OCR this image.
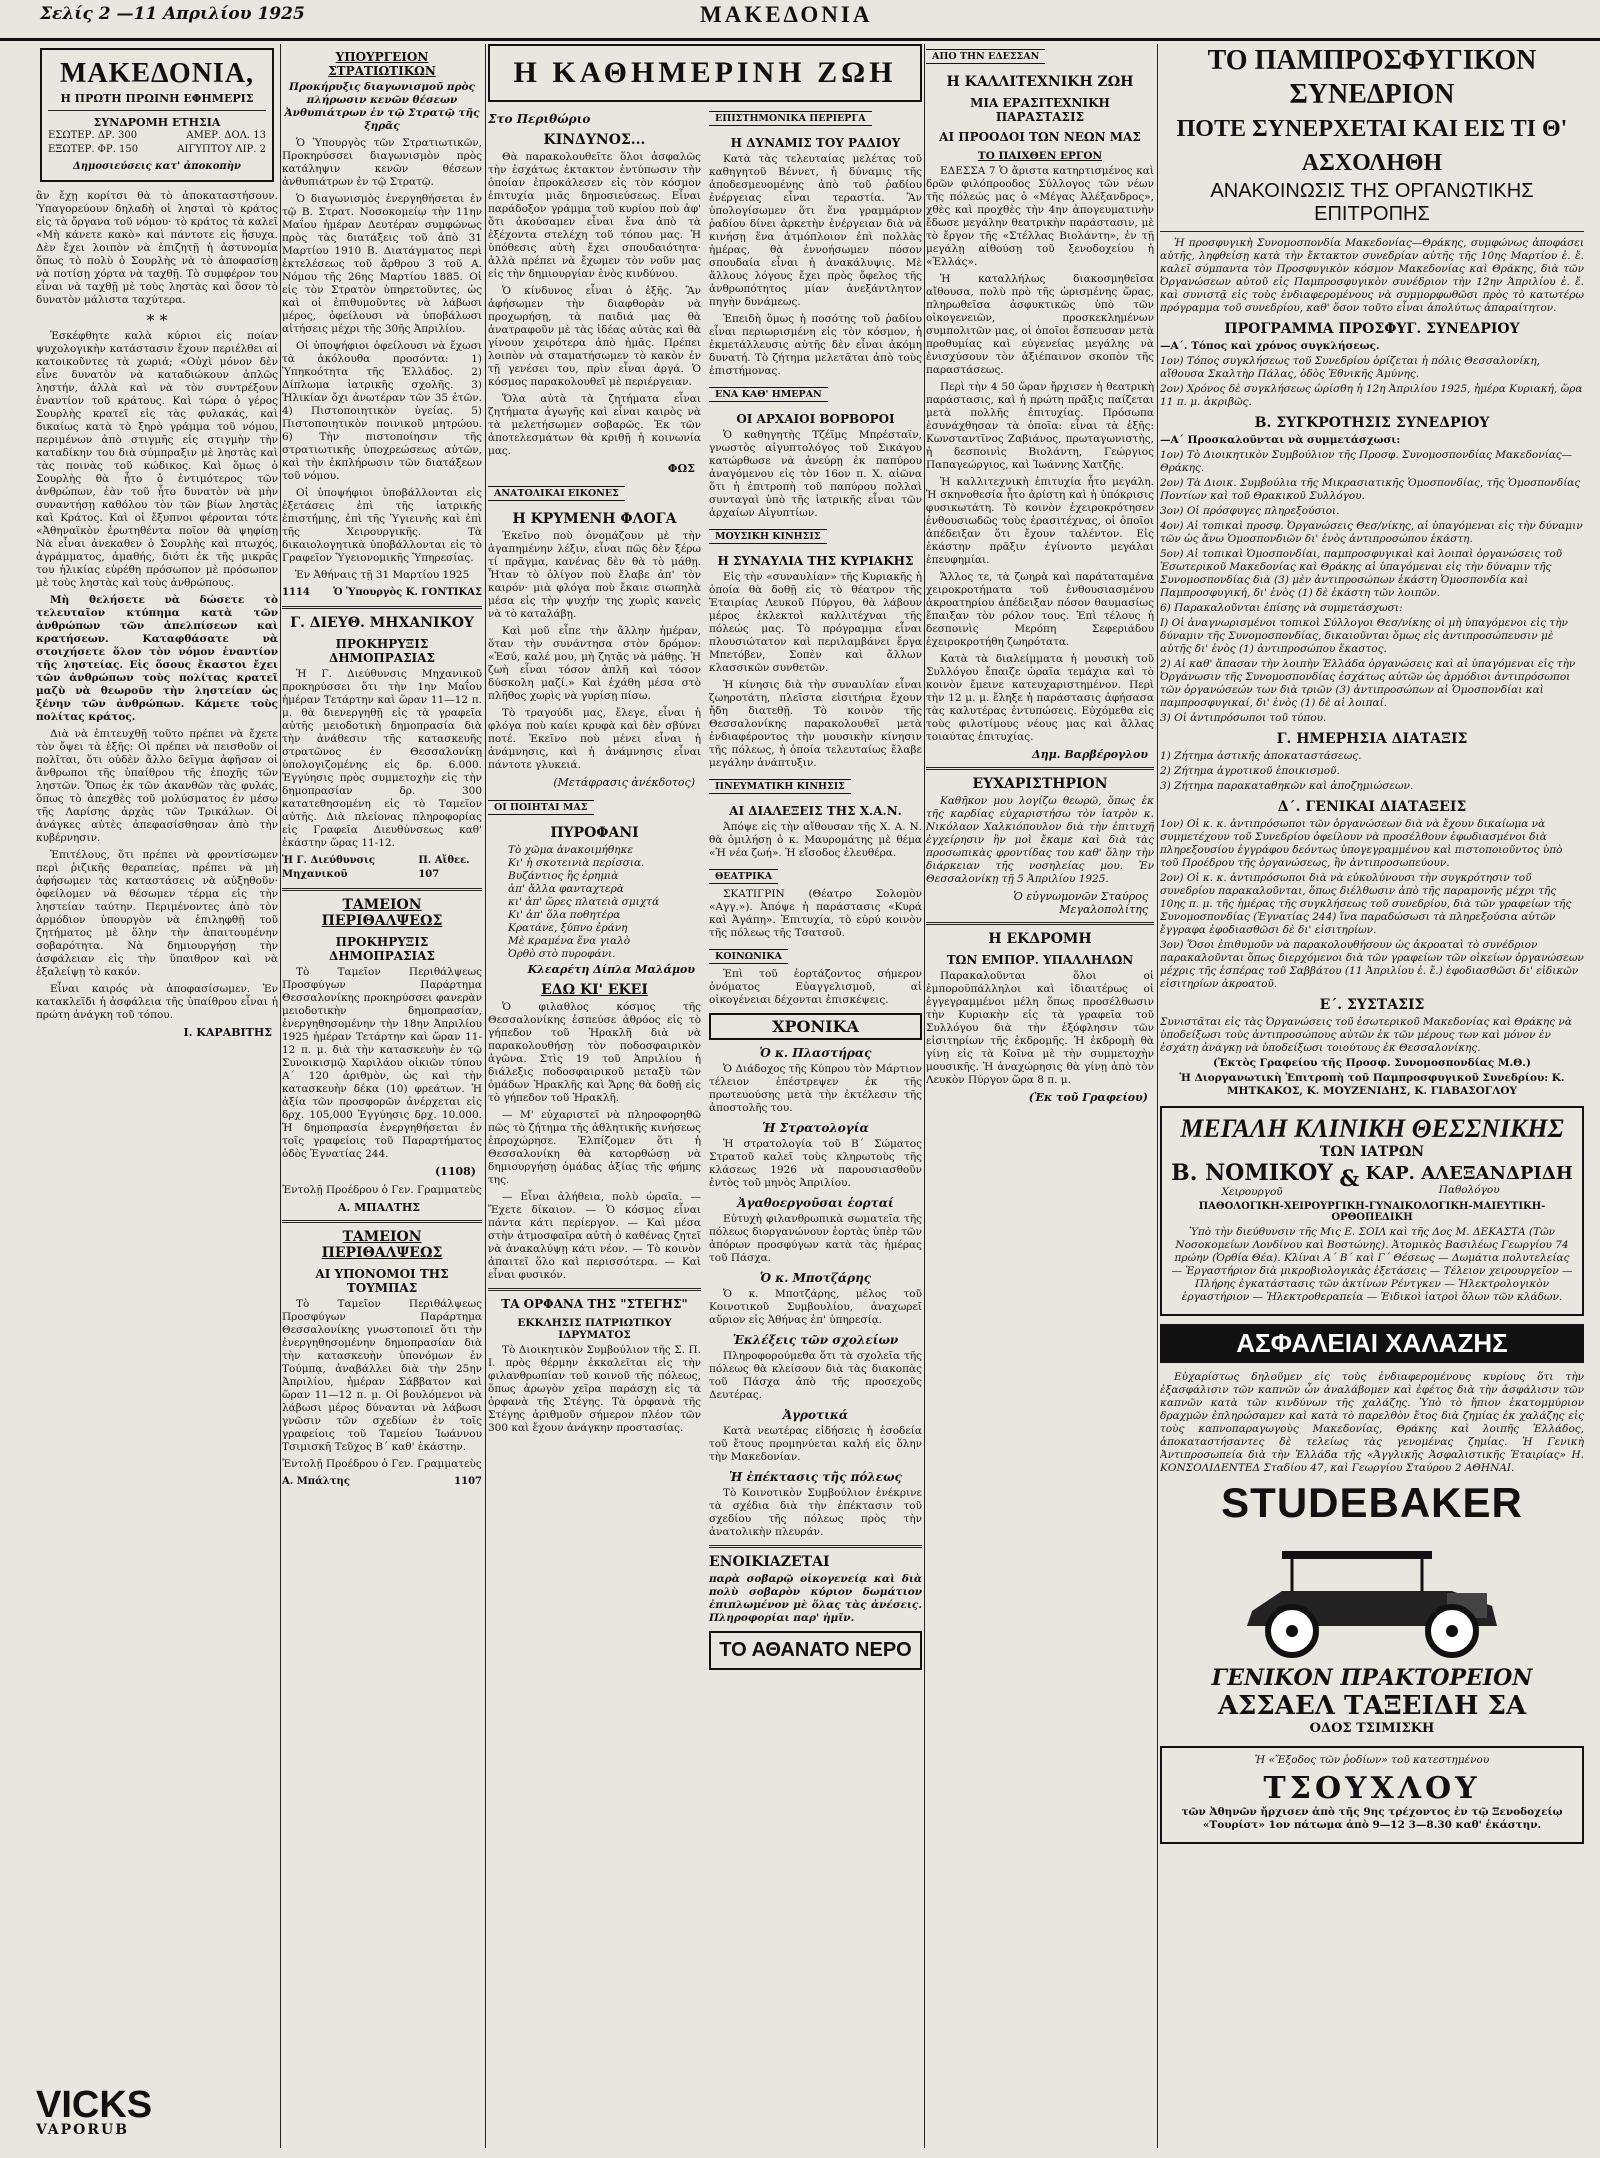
Σελίς 2 —11 Απριλίου 1925	ΜΑΚΕΔΟΝΙΑ
ΜΑΚΕΔΟΝΙΑ,
Η ΠΡΩΤΗ ΠΡΩΙΝΗ ΕΦΗΜΕΡΙΣ
ΣΥΝΔΡΟΜΗ ΕΤΗΣΙΑ
ΕΣΩΤΕΡ. ΔΡ. 300	ΑΜΕΡ. ΔΟΛ. 13
ΕΞΩΤΕΡ. ΦΡ. 150	ΑΙΓΥΠΤΟΥ ΛΙΡ. 2
Δημοσιεύσεις κατ' ἀποκοπὴν

ἂν ἔχῃ κορίτσι θὰ τὸ ἀποκαταστήσουν. Ὑπαγορεύουν δηλαδὴ οἱ λησταὶ τὸ κράτος εἰς τὰ ὄργανα τοῦ νόμου· τὸ κράτος τὰ καλεῖ «Μὴ κάνετε κακὸ» καὶ πάντοτε εἰς ἥσυχα. Δὲν ἔχει λοιπὸν νὰ ἐπιζητῇ ἡ ἀστυνομία ὅπως τὸ πολὺ ὁ Σουρλὴς νὰ τὸ ἀποφασίσῃ νὰ ποτίσῃ χόρτα νὰ ταχθῇ. Τὸ συμφέρον του εἶναι νὰ ταχθῇ μὲ τοὺς ληστὰς καὶ ὅσον τὸ δυνατὸν μάλιστα ταχύτερα.

* *

Ἐσκέφθητε καλὰ κύριοι εἰς ποίαν ψυχολογικὴν κατάστασιν ἔχουν περιέλθει αἱ κατοικοῦντες τὰ χωριά; «Οὐχὶ μόνον δὲν εἶνε δυνατὸν νὰ καταδιώκουν ἁπλῶς ληστήν, ἀλλὰ καὶ νὰ τὸν συντρέξουν ἐναντίον τοῦ κράτους. Καὶ τώρα ὁ γέρος Σουρλὴς κρατεῖ εἰς τὰς φυλακάς, καὶ δικαίως κατὰ τὸ ξηρὸ γράμμα τοῦ νόμου, περιμένων ἀπὸ στιγμῆς εἰς στιγμὴν τὴν καταδίκην του διὰ σύμπραξιν μὲ ληστὰς καὶ τὰς ποινὰς τοῦ κώδικος. Καὶ ὅμως ὁ Σουρλὴς θὰ ἦτο ὁ ἐντιμότερος τῶν ἀνθρώπων, ἐὰν τοῦ ἦτο δυνατὸν νὰ μὴν συναντήσῃ καθόλου τὸν τῶν βίων ληστὰς καὶ Κράτος. Καὶ οἱ ἔξυπνοι φέρονται τότε «Ἀθηναϊκὸν ἐρωτηθέντα ποῖον θὰ ψηφίσῃ Νὰ εἶναι ἀνεκαθεν ὁ Σουρλὴς καὶ πτωχός, ἀγράμματος, ἀμαθής, διότι ἐκ τῆς μικρᾶς του ἡλικίας εὑρέθη πρόσωπον μὲ πρόσωπον μὲ τοὺς ληστὰς καὶ τοὺς ἀνθρώπους.

Μὴ θελήσετε νὰ δώσετε τὸ τελευταῖον κτύπημα κατὰ τῶν ἀνθρώπων τῶν ἀπελπίσεων καὶ κρατήσεων. Καταφθάσατε νὰ στοιχήσετε ὅλον τὸν νόμον ἐναντίον τῆς ληστείας. Εἰς ὅσους ἔκαστοι ἔχει τῶν ἀνθρώπων τοὺς πολίτας κρατεῖ μαζὺ νὰ θεωροῦν τὴν ληστείαν ὡς ξένην τῶν ἀνθρώπων. Κάμετε τοὺς πολίτας κράτος.

Διὰ νὰ ἐπιτευχθῇ τοῦτο πρέπει νὰ ἔχετε τὸν ὄψει τὰ ἑξῆς: Οἱ πρέπει νὰ πεισθοῦν οἱ πολῖται, ὅτι οὐδὲν ἄλλο δεῖγμα ἀφῆσαν οἱ ἄνθρωποι τῆς ὑπαίθρου τῆς ἐποχῆς τῶν ληστῶν. Ὅπως ἐκ τῶν ἀκανθῶν τὰς φυλάς, ὅπως τὸ ἀπεχθὲς τοῦ μολύσματος ἐν μέσῳ τῆς Λαρίσης ἀρχὰς τῶν Τρικάλων. Οἱ ἀνάγκες αὐτὲς ἀπεφασίσθησαν ἀπὸ τὴν κυβέρνησιν.

Ἐπιτέλους, ὅτι πρέπει νὰ φροντίσωμεν περὶ ῥιζικῆς θεραπείας, πρέπει νὰ μὴ ἀφήσωμεν τὰς καταστάσεις νὰ αὐξηθοῦν· ὀφείλομεν νὰ θέσωμεν τέρμα εἰς τὴν ληστείαν ταύτην. Περιμένοντες ἀπὸ τὸν ἀρμόδιον ὑπουργὸν νὰ ἐπιληφθῇ τοῦ ζητήματος μὲ ὅλην τὴν ἀπαιτουμένην σοβαρότητα. Νὰ δημιουργήσῃ τὴν ἀσφάλειαν εἰς τὴν ὕπαιθρον καὶ νὰ ἐξαλείψῃ τὸ κακόν.

Εἶναι καιρός νὰ ἀποφασίσωμεν. Ἐν κατακλεῖδι ἡ ἀσφάλεια τῆς ὑπαίθρου εἶναι ἡ πρώτη ἀνάγκη τοῦ τόπου.

Ι. ΚΑΡΑΒΙΤΗΣ
VICKS
VAPORUB
ΥΠΟΥΡΓΕΙΟΝ ΣΤΡΑΤΙΩΤΙΚΩΝ
Προκήρυξις διαγωνισμοῦ πρὸς πλήρωσιν κενῶν θέσεων Ἀνθυπιάτρων ἐν τῷ Στρατῷ τῆς ξηρᾶς

Ὁ Ὑπουργὸς τῶν Στρατιωτικῶν, Προκηρύσσει διαγωνισμὸν πρὸς κατάληψιν κενῶν θέσεων ἀνθυπιάτρων ἐν τῷ Στρατῷ.

Ὁ διαγωνισμὸς ἐνεργηθήσεται ἐν τῷ Β. Στρατ. Νοσοκομείῳ τὴν 11ην Μαΐου ἡμέραν Δευτέραν συμφώνως πρὸς τὰς διατάξεις τοῦ ἀπὸ 31 Μαρτίου 1910 Β. Διατάγματος περὶ ἐκτελέσεως τοῦ ἄρθρου 3 τοῦ Α. Νόμου τῆς 26ης Μαρτίου 1885. Οἱ εἰς τὸν Στρατὸν ὑπηρετοῦντες, ὡς καὶ οἱ ἐπιθυμοῦντες νὰ λάβωσι μέρος, ὀφείλουσι νὰ ὑποβάλωσι αἰτήσεις μέχρι τῆς 30ῆς Ἀπριλίου.

Οἱ ὑποψήφιοι ὀφείλουσι νὰ ἔχωσι τὰ ἀκόλουθα προσόντα: 1) Ὑπηκοότητα τῆς Ἑλλάδος. 2) Δίπλωμα ἰατρικῆς σχολῆς. 3) Ἡλικίαν ὄχι ἀνωτέραν τῶν 35 ἐτῶν. 4) Πιστοποιητικὸν ὑγείας. 5) Πιστοποιητικὸν ποινικοῦ μητρώου. 6) Τὴν πιστοποίησιν τῆς στρατιωτικῆς ὑποχρεώσεως αὐτῶν, καὶ τὴν ἐκπλήρωσιν τῶν διατάξεων τοῦ νόμου.

Οἱ ὑποψήφιοι ὑποβάλλονται εἰς ἐξετάσεις ἐπὶ τῆς ἰατρικῆς ἐπιστήμης, ἐπὶ τῆς Ὑγιεινῆς καὶ ἐπὶ τῆς Χειρουργικῆς. Τὰ δικαιολογητικὰ ὑποβάλλονται εἰς τὸ Γραφεῖον Ὑγειονομικῆς Ὑπηρεσίας.

Ἐν Ἀθήναις τῇ 31 Μαρτίου 1925

1114 Ὁ Ὑπουργὸς Κ. ΓΟΝΤΙΚΑΣ
Γ. ΔΙΕΥΘ. ΜΗΧΑΝΙΚΟΥ
ΠΡΟΚΗΡΥΞΙΣ ΔΗΜΟΠΡΑΣΙΑΣ

Ἡ Γ. Διεύθυνσις Μηχανικοῦ προκηρύσσει ὅτι τὴν 1ην Μαΐου ἡμέραν Τετάρτην καὶ ὥραν 11—12 π. μ. θὰ διενεργηθῇ εἰς τὰ γραφεῖα αὐτῆς μειοδοτικὴ δημοπρασία διὰ τὴν ἀνάθεσιν τῆς κατασκευῆς στρατῶνος ἐν Θεσσαλονίκῃ ὑπολογιζομένης εἰς δρ. 6.000. Ἐγγύησις πρὸς συμμετοχὴν εἰς τὴν δημοπρασίαν δρ. 300 κατατεθησομένη εἰς τὸ Ταμεῖον αὐτῆς. Διὰ πλείονας πληροφορίας εἰς Γραφεῖα Διευθύνσεως καθ' ἑκάστην ὥρας 11-12.

Ἡ Γ. Διεύθυνσις Μηχανικοῦ
Π. Αἴθεε. 107
ΤΑΜΕΙΟΝ ΠΕΡΙΘΑΛΨΕΩΣ
ΠΡΟΚΗΡΥΞΙΣ ΔΗΜΟΠΡΑΣΙΑΣ

Τὸ Ταμεῖον Περιθάλψεως Προσφύγων Παράρτημα Θεσσαλονίκης προκηρύσσει φανερὰν μειοδοτικὴν δημοπρασίαν, ἐνεργηθησομένην τὴν 18ην Ἀπριλίου 1925 ἡμέραν Τετάρτην καὶ ὥραν 11-12 π. μ. διὰ τὴν κατασκευὴν ἐν τῷ Συνοικισμῷ Χαριλάου οἰκιῶν τύπου Α΄ 120 ἀριθμὸν, ὡς καὶ τὴν κατασκευὴν δέκα (10) φρεάτων. Ἡ ἀξία τῶν προσφορῶν ἀνέρχεται εἰς δρχ. 105,000 Ἐγγύησις δρχ. 10.000. Ἡ δημοπρασία ἐνεργηθήσεται ἐν τοῖς γραφείοις τοῦ Παραρτήματος ὁδὸς Ἐγνατίας 244.

(1108)

Ἐντολῇ Προέδρου ὁ Γεν. Γραμματεὺς

Α. ΜΠΑΛΤΗΣ
ΤΑΜΕΙΟΝ ΠΕΡΙΘΑΛΨΕΩΣ
ΑΙ ΥΠΟΝΟΜΟΙ ΤΗΣ ΤΟΥΜΠΑΣ

Τὸ Ταμεῖον Περιθάλψεως Προσφύγων Παράρτημα Θεσσαλονίκης γνωστοποιεῖ ὅτι τὴν ἐνεργηθησομένην δημοπρασίαν διὰ τὴν κατασκευὴν ὑπονόμων ἐν Τούμπᾳ, ἀναβάλλει διὰ τὴν 25ην Ἀπριλίου, ἡμέραν Σάββατον καὶ ὥραν 11—12 π. μ. Οἱ βουλόμενοι νὰ λάβωσι μέρος δύνανται νὰ λάβωσι γνῶσιν τῶν σχεδίων ἐν τοῖς γραφείοις τοῦ Ταμείου Ἰωάννου Τσιμισκῆ Τεῦχος Β΄ καθ' ἑκάστην.

Ἐντολῇ Προέδρου ὁ Γεν. Γραμματεὺς

Α. Μπάλτης	1107
Η ΚΑΘΗΜΕΡΙΝΗ ΖΩΗ
Στο Περιθώριο
ΚΙΝΔΥΝΟΣ...

Θὰ παρακολουθεῖτε ὅλοι ἀσφαλῶς τὴν ἐσχάτως ἐκτακτον ἐντύπωσιν τὴν ὁποίαν ἐπροκάλεσεν εἰς τὸν κόσμον ἐπιτυχία μιᾶς δημοσιεύσεως. Εἶναι παράδοξον γράμμα τοῦ κυρίου ποὺ ἀφ' ὅτι ἀκούσαμεν εἶναι ἕνα ἀπὸ τὰ ἐξέχοντα στελέχη τοῦ τόπου μας. Ἡ ὑπόθεσις αὐτὴ ἔχει σπουδαιότητα· ἀλλὰ πρέπει νὰ ἔχωμεν τὸν νοῦν μας εἰς τὴν δημιουργίαν ἑνὸς κινδύνου.

Ὁ κίνδυνος εἶναι ὁ ἑξῆς. Ἂν ἀφήσωμεν τὴν διαφθορὰν νὰ προχωρήσῃ, τὰ παιδιά μας θὰ ἀνατραφοῦν μὲ τὰς ἰδέας αὐτὰς καὶ θὰ γίνουν χειρότερα ἀπὸ ἡμᾶς. Πρέπει λοιπὸν νὰ σταματήσωμεν τὸ κακὸν ἐν τῇ γενέσει του, πρὶν εἶναι ἀργά. Ὁ κόσμος παρακολουθεῖ μὲ περιέργειαν.

Ὅλα αὐτὰ τὰ ζητήματα εἶναι ζητήματα ἀγωγῆς καὶ εἶναι καιρὸς νὰ τὰ μελετήσωμεν σοβαρῶς. Ἐκ τῶν ἀποτελεσμάτων θὰ κριθῇ ἡ κοινωνία μας.

ΦΩΣ
ΑΝΑΤΟΛΙΚΑΙ ΕΙΚΟΝΕΣ
Η ΚΡΥΜΕΝΗ ΦΛΟΓΑ

Ἐκεῖνο ποὺ ὀνομάζουν μὲ τὴν ἀγαπημένην λέξιν, εἶναι πῶς δὲν ξέρω τί πρᾶγμα, κανένας δὲν θὰ τὸ μάθῃ. Ἦταν τὸ ὀλίγον ποὺ ἔλαβε ἀπ' τὸν καιρόν· μιὰ φλόγα ποὺ ἔκαιε σιωπηλὰ μέσα εἰς τὴν ψυχήν της χωρὶς κανεὶς νὰ τὸ καταλάβῃ.

Καὶ μοῦ εἶπε τὴν ἄλλην ἡμέραν, ὅταν τὴν συνάντησα στὸν δρόμον: «Ἐσύ, καλέ μου, μὴ ζητᾷς νὰ μάθῃς. Ἡ ζωὴ εἶναι τόσον ἁπλῆ καὶ τόσον δύσκολη μαζί.» Καὶ ἐχάθη μέσα στὸ πλῆθος χωρὶς νὰ γυρίσῃ πίσω.

Τὸ τραγούδι μας, ἔλεγε, εἶναι ἡ φλόγα ποὺ καίει κρυφὰ καὶ δὲν σβύνει ποτέ. Ἐκεῖνο ποὺ μένει εἶναι ἡ ἀνάμνησις, καὶ ἡ ἀνάμνησις εἶναι πάντοτε γλυκειά.

(Μετάφρασις ἀνέκδοτος)
ΟΙ ΠΟΙΗΤΑΙ ΜΑΣ
ΠΥΡΟΦΑΝΙ
Τὸ χῶμα ἀνακοιμήθηκε
Κι' ἡ σκοτεινιὰ περίσσια.
Βυζάντιος ἢς ἐρημιὰ
ἀπ' ἄλλα φανταχτερὰ
κι' ἀπ' ὥρες πλατειὰ σμιχτά
Κι' ἀπ' ὅλα ποθητέρα
Κρατάνε, ξύπνο ἐράνη
Μὲ κραμένα ἕνα γιαλὸ
Ὀρθὸ στὸ πυροφάνι.
Κλεαρέτη Δίπλα Μαλάμου
ΕΔΩ ΚΙ' ΕΚΕΙ

Ὁ φιλαθλος κόσμος τῆς Θεσσαλονίκης ἐσπεύσε ἀθρόος εἰς τὸ γήπεδον τοῦ Ἡρακλῆ διὰ νὰ παρακολουθήσῃ τὸν ποδοσφαιρικὸν ἀγῶνα. Στὶς 19 τοῦ Ἀπριλίου ἡ διάλεξις ποδοσφαιρικοῦ μεταξὺ τῶν ὁμάδων Ἡρακλῆς καὶ Ἄρης θὰ δοθῇ εἰς τὸ γήπεδον τοῦ Ἡρακλῆ.

— Μ' εὐχαριστεῖ νὰ πληροφορηθῶ πῶς τὸ ζήτημα τῆς ἀθλητικῆς κινήσεως ἐπροχώρησε. Ἐλπίζομεν ὅτι ἡ Θεσσαλονίκη θὰ κατορθώσῃ νὰ δημιουργήσῃ ὁμάδας ἀξίας τῆς φήμης της.

— Εἶναι ἀλήθεια, πολὺ ὡραῖα. — Ἔχετε δίκαιον. — Ὁ κόσμος εἶναι πάντα κάτι περίεργον. — Καὶ μέσα στὴν ἀτμοσφαῖρα αὐτὴ ὁ καθένας ζητεῖ νὰ ἀνακαλύψῃ κάτι νέον. — Τὸ κοινὸν ἀπαιτεῖ ὅλο καὶ περισσότερα. — Καὶ εἶναι φυσικόν.

ΤΑ ΟΡΦΑΝΑ ΤΗΣ "ΣΤΕΓΗΣ"
ΕΚΚΛΗΣΙΣ ΠΑΤΡΙΩΤΙΚΟΥ ΙΔΡΥΜΑΤΟΣ

Τὸ Διοικητικὸν Συμβούλιον τῆς Σ. Π. Ι. πρὸς θέρμην ἐκκαλεῖται εἰς τὴν φιλανθρωπίαν τοῦ κοινοῦ τῆς πόλεως, ὅπως ἀρωγὸν χεῖρα παράσχῃ εἰς τὰ ὀρφανὰ τῆς Στέγης. Τὰ ὀρφανὰ τῆς Στέγης ἀριθμοῦν σήμερον πλέον τῶν 300 καὶ ἔχουν ἀνάγκην προστασίας.

ΕΠΙΣΤΗΜΟΝΙΚΑ ΠΕΡΙΕΡΓΑ
Η ΔΥΝΑΜΙΣ ΤΟΥ ΡΑΔΙΟΥ

Κατὰ τὰς τελευταίας μελέτας τοῦ καθηγητοῦ Βέννετ, ἡ δύναμις τῆς ἀποδεσμευομένης ἀπὸ τοῦ ῥαδίου ἐνέργειας εἶναι τεραστία. Ἂν ὑπολογίσωμεν ὅτι ἕνα γραμμάριον ῥαδίου δίνει ἀρκετὴν ἐνέργειαν διὰ νὰ κινήσῃ ἕνα ἀτμόπλοιον ἐπὶ πολλὰς ἡμέρας, θὰ ἐννοήσωμεν πόσον σπουδαία εἶναι ἡ ἀνακάλυψις. Μὲ ἄλλους λόγους ἔχει πρὸς ὄφελος τῆς ἀνθρωπότητος μίαν ἀνεξάντλητον πηγὴν δυνάμεως.

Ἐπειδὴ ὅμως ἡ ποσότης τοῦ ῥαδίου εἶναι περιωρισμένη εἰς τὸν κόσμον, ἡ ἐκμετάλλευσις αὐτῆς δὲν εἶναι ἀκόμη δυνατή. Τὸ ζήτημα μελετᾶται ἀπὸ τοὺς ἐπιστήμονας.

ΕΝΑ ΚΑΘ' ΗΜΕΡΑΝ
ΟΙ ΑΡΧΑΙΟΙ ΒΟΡΒΟΡΟΙ

Ὁ καθηγητὴς Τζέϊμς Μπρέσταϊν, γνωστὸς αἰγυπτολόγος τοῦ Σικάγου κατώρθωσε νὰ ἀνεύρῃ ἐκ παπύρου ἀναγόμενου εἰς τὸν 16ον π. Χ. αἰῶνα ὅτι ἡ ἐπιτροπὴ τοῦ παπύρου πολλαὶ συνταγαὶ ὑπὸ τῆς ἰατρικῆς εἶναι τῶν ἀρχαίων Αἰγυπτίων.

ΜΟΥΣΙΚΗ ΚΙΝΗΣΙΣ
Η ΣΥΝΑΥΛΙΑ ΤΗΣ ΚΥΡΙΑΚΗΣ

Εἰς τὴν «συναυλίαν» τῆς Κυριακῆς ἡ ὁποία θὰ δοθῇ εἰς τὸ θέατρον τῆς Ἑταιρίας Λευκοῦ Πύργου, θὰ λάβουν μέρος ἐκλεκτοὶ καλλιτέχναι τῆς πόλεώς μας. Τὸ πρόγραμμα εἶναι πλουσιώτατον καὶ περιλαμβάνει ἔργα Μπετόβεν, Σοπὲν καὶ ἄλλων κλασσικῶν συνθετῶν.

Ἡ κίνησις διὰ τὴν συναυλίαν εἶναι ζωηροτάτη, πλεῖστα εἰσιτήρια ἔχουν ἤδη διατεθῇ. Τὸ κοινὸν τῆς Θεσσαλονίκης παρακολουθεῖ μετὰ ἐνδιαφέροντος τὴν μουσικὴν κίνησιν τῆς πόλεως, ἡ ὁποία τελευταίως ἔλαβε μεγάλην ἀνάπτυξιν.

ΠΝΕΥΜΑΤΙΚΗ ΚΙΝΗΣΙΣ
ΑΙ ΔΙΑΛΕΞΕΙΣ ΤΗΣ Χ.Α.Ν.

Ἀπόψε εἰς τὴν αἴθουσαν τῆς Χ. Α. Ν. θὰ ὁμιλήσῃ ὁ κ. Μαυρομάτης μὲ θέμα «Ἡ νέα ζωή». Ἡ εἴσοδος ἐλευθέρα.

ΘΕΑΤΡΙΚΑ

ΣΚΑΤΙΓΡΙΝ (Θέατρο Σολομὸν «Αγγ.»). Ἀπόψε ἡ παράστασις «Κυρά καὶ Ἀγάπη». Ἐπιτυχία, τὸ εὐρύ κοινὸν τῆς πόλεως τῆς Τσατσοῦ.

ΚΟΙΝΩΝΙΚΑ

Ἐπὶ τοῦ ἐορτάζοντος σήμερον ὀνόματος Εὐαγγελισμοῦ, αἱ οἰκογένειαι δέχονται ἐπισκέψεις.

ΧΡΟΝΙΚΑ
Ὁ κ. Πλαστήρας

Ὁ Διάδοχος τῆς Κύπρου τὸν Μάρτιον τέλειον ἐπέστρεψεν ἐκ τῆς πρωτευούσης μετὰ τὴν ἐκτέλεσιν τῆς ἀποστολῆς του.

Ἡ Στρατολογία

Ἡ στρατολογία τοῦ Β΄ Σώματος Στρατοῦ καλεῖ τοὺς κληρωτοὺς τῆς κλάσεως 1926 νὰ παρουσιασθοῦν ἐντὸς τοῦ μηνὸς Ἀπριλίου.

Ἀγαθοεργοῦσαι ἑορταί

Εὐτυχὴ φιλανθρωπικὰ σωματεῖα τῆς πόλεως διοργανώνουν ἑορτὰς ὑπὲρ τῶν ἀπόρων προσφύγων κατὰ τὰς ἡμέρας τοῦ Πάσχα.

Ὁ κ. Μποτζάρης

Ὁ κ. Μποτζάρης, μέλος τοῦ Κοινοτικοῦ Συμβουλίου, ἀναχωρεῖ αὔριον εἰς Ἀθήνας ἐπ' ὑπηρεσίᾳ.

Ἐκλέξεις τῶν σχολείων

Πληροφορούμεθα ὅτι τὰ σχολεῖα τῆς πόλεως θὰ κλείσουν διὰ τὰς διακοπὰς τοῦ Πάσχα ἀπὸ τῆς προσεχοῦς Δευτέρας.

Ἀγροτικά

Κατὰ νεωτέρας εἰδήσεις ἡ ἐσοδεία τοῦ ἔτους προμηνύεται καλή εἰς ὅλην τὴν Μακεδονίαν.

Ἡ ἐπέκτασις τῆς πόλεως

Τὸ Κοινοτικὸν Συμβούλιον ἐνέκρινε τὰ σχέδια διὰ τὴν ἐπέκτασιν τοῦ σχεδίου τῆς πόλεως πρὸς τὴν ἀνατολικὴν πλευράν.

ΕΝΟΙΚΙΑΖΕΤΑΙ

παρὰ σοβαρῷ οἰκογενείᾳ καὶ διὰ πολὺ σοβαρὸν κύριον δωμάτιον ἐπιπλωμένον μὲ ὅλας τὰς ἀνέσεις. Πληροφορίαι παρ' ἡμῖν.

ΤΟ ΑΘΑΝΑΤΟ ΝΕΡΟ
ΑΠΟ ΤΗΝ ΕΔΕΣΣΑΝ
Η ΚΑΛΛΙΤΕΧΝΙΚΗ ΖΩΗ
ΜΙΑ ΕΡΑΣΙΤΕΧΝΙΚΗ ΠΑΡΑΣΤΑΣΙΣ
ΑΙ ΠΡΟΟΔΟΙ ΤΩΝ ΝΕΩΝ ΜΑΣ
ΤΟ ΠΑΙΧΘΕΝ ΕΡΓΟΝ

ΕΔΕΣΣΑ 7 Ὁ ἄριστα κατηρτισμένος καὶ δρῶν φιλόπροοδος Σύλλογος τῶν νέων τῆς πόλεώς μας ὁ «Μέγας Ἀλέξανδρος», χθὲς καὶ προχθὲς τὴν 4ην ἀπογευματινὴν ἔδωσε μεγάλην θεατρικὴν παράστασιν, μὲ τὸ ἔργον τῆς «Στέλλας Βιολάντη», ἐν τῇ μεγάλῃ αἰθούσῃ τοῦ ξενοδοχείου ἡ «Ἑλλάς».

Ἡ καταλλήλως διακοσμηθεῖσα αἴθουσα, πολὺ πρὸ τῆς ὡρισμένης ὥρας, πληρωθεῖσα ἀσφυκτικῶς ὑπὸ τῶν οἰκογενειῶν, προσκεκλημένων συμπολιτῶν μας, οἱ ὁποῖοι ἔσπευσαν μετὰ προθυμίας καὶ εὐγενείας μεγάλης νὰ ἐνισχύσουν τὸν ἀξιέπαινον σκοπὸν τῆς παραστάσεως.

Περὶ τὴν 4 50 ὥραν ἤρχισεν ἡ θεατρικὴ παράστασις, καὶ ἡ πρώτη πρᾶξις παίζεται μετὰ πολλῆς ἐπιτυχίας. Πρόσωπα ἐσυνάχθησαν τὰ ὁποῖα: εἶναι τὰ ἑξῆς: Κωνσταντῖνος Ζαβιάνος, πρωταγωνιστὴς, ἡ δεσποινὶς Βιολάντη, Γεώργιος Παπαγεώργιος, καὶ Ἰωάννης Χατζῆς.

Ἡ καλλιτεχνικὴ ἐπιτυχία ἦτο μεγάλη. Ἡ σκηνοθεσία ἦτο ἀρίστη καὶ ἡ ὑπόκρισις φυσικωτάτη. Τὸ κοινὸν ἐχειροκρότησεν ἐνθουσιωδῶς τοὺς ἐρασιτέχνας, οἱ ὁποῖοι ἀπέδειξαν ὅτι ἔχουν ταλέντον. Εἰς ἐκάστην πρᾶξιν ἐγίνοντο μεγάλαι ἐπευφημίαι.

Ἄλλος τε, τὰ ζωηρὰ καὶ παράταταμένα χειροκροτήματα τοῦ ἐνθουσιασμένου ἀκροατηρίου ἀπέδειξαν πόσον θαυμασίως ἔπαιξαν τὸν ρόλον τους. Ἐπὶ τέλους ἡ δεσποινὶς Μερόπη Σεφεριάδου ἐχειροκροτήθη ζωηρότατα.

Κατὰ τὰ διαλείμματα ἡ μουσικὴ τοῦ Συλλόγου ἔπαιζε ὡραῖα τεμάχια καὶ τὸ κοινὸν ἔμεινε κατευχαριστημένον. Περὶ τὴν 12 μ. μ. ἔληξε ἡ παράστασις ἀφήσασα τὰς καλυτέρας ἐντυπώσεις. Εὐχόμεθα εἰς τοὺς φιλοτίμους νέους μας καὶ ἄλλας τοιαύτας ἐπιτυχίας.

Δημ. Βαρβέρογλου
ΕΥΧΑΡΙΣΤΗΡΙΟΝ

Καθῆκον μου λογίζω θεωρῶ, ὅπως ἐκ τῆς καρδίας εὐχαριστήσω τὸν ἰατρὸν κ. Νικόλαον Χαλκιόπουλον διὰ τὴν ἐπιτυχῆ ἐγχείρησιν ἣν μοὶ ἔκαμε καὶ διὰ τὰς προσωπικὰς φροντίδας του καθ' ὅλην τὴν διάρκειαν τῆς νοσηλείας μου. Ἐν Θεσσαλονίκῃ τῇ 5 Ἀπριλίου 1925.

Ὁ εὐγνωμονῶν Σταύρος Μεγαλοπολίτης
Η ΕΚΔΡΟΜΗ
ΤΩΝ ΕΜΠΟΡ. ΥΠΑΛΛΗΛΩΝ

Παρακαλοῦνται ὅλοι οἱ ἐμποροϋπάλληλοι καὶ ἰδιαιτέρως οἱ ἐγγεγραμμένοι μέλη ὅπως προσέλθωσιν τὴν Κυριακὴν εἰς τὰ γραφεῖα τοῦ Συλλόγου διὰ τὴν ἐξόφλησιν τῶν εἰσιτηρίων τῆς ἐκδρομῆς. Ἡ ἐκδρομὴ θὰ γίνῃ εἰς τὰ Κοῖνα μὲ τὴν συμμετοχὴν μουσικῆς. Ἡ ἀναχώρησις θὰ γίνῃ ἀπὸ τὸν Λευκὸν Πύργον ὥρα 8 π. μ.

(Ἐκ τοῦ Γραφείου)
ΤΟ ΠΑΜΠΡΟΣΦΥΓΙΚΟΝ ΣΥΝΕΔΡΙΟΝ
ΠΟΤΕ ΣΥΝΕΡΧΕΤΑΙ ΚΑΙ ΕΙΣ ΤΙ Θ' ΑΣΧΟΛΗΘΗ
ΑΝΑΚΟΙΝΩΣΙΣ ΤΗΣ ΟΡΓΑΝΩΤΙΚΗΣ ΕΠΙΤΡΟΠΗΣ

Ἡ προσφυγικὴ Συνομοσπονδία Μακεδονίας—Θράκης, συμφώνως ἀποφάσει αὐτῆς, ληφθείσῃ κατὰ τὴν ἔκτακτον συνεδρίαν αὐτῆς τῆς 10ης Μαρτίου ἐ. ἔ. καλεῖ σύμπαντα τὸν Προσφυγικὸν κόσμον Μακεδονίας καὶ Θράκης, διὰ τῶν Ὀργανώσεων αὐτοῦ εἰς Παμπροσφυγικὸν συνέδριον τὴν 12ην Ἀπριλίου ἐ. ἔ. καὶ συνιστᾷ εἰς τοὺς ἐνδιαφερομένους νὰ συμμορφωθῶσι πρὸς τὸ κατωτέρω πρόγραμμα τοῦ συνεδρίου, καθ' ὅσον τοῦτο εἶναι ἀπολύτως ἀπαραίτητον.

ΠΡΟΓΡΑΜΜΑ ΠΡΟΣΦΥΓ. ΣΥΝΕΔΡΙΟΥ
—Α΄. Τόπος καὶ χρόνος συγκλήσεως.
1ον) Τόπος συγκλήσεως τοῦ Συνεδρίου ὁρίζεται ἡ πόλις Θεσσαλονίκη, αἴθουσα Σκαλτὴρ Πάλας, ὁδὸς Ἐθνικῆς Ἀμύνης.
2ον) Χρόνος δὲ συγκλήσεως ὡρίσθη ἡ 12η Ἀπριλίου 1925, ἡμέρα Κυριακή, ὥρα 11 π. μ. ἀκριβῶς.
Β. ΣΥΓΚΡΟΤΗΣΙΣ ΣΥΝΕΔΡΙΟΥ
—Α΄ Προσκαλοῦνται νὰ συμμετάσχωσι:
1ον) Τὸ Διοικητικὸν Συμβούλιον τῆς Προσφ. Συνομοσπονδίας Μακεδονίας—Θράκης.
2ον) Τὰ Διοικ. Συμβούλια τῆς Μικρασιατικῆς Ὁμοσπονδίας, τῆς Ὁμοσπονδίας Ποντίων καὶ τοῦ Θρακικοῦ Συλλόγου.
3ον) Οἱ πρόσφυγες πληρεξούσιοι.
4ον) Αἱ τοπικαὶ προσφ. Ὀργανώσεις Θεσ/νίκης, αἱ ὑπαγόμεναι εἰς τὴν δύναμιν τῶν ὡς ἄνω Ὁμοσπονδιῶν δι' ἑνὸς ἀντιπροσώπου ἑκάστη.
5ον) Αἱ τοπικαὶ Ὁμοσπονδίαι, παμπροσφυγικαὶ καὶ λοιπαὶ ὀργανώσεις τοῦ Ἐσωτερικοῦ Μακεδονίας καὶ Θράκης αἱ ὑπαγόμεναι εἰς τὴν δύναμιν τῆς Συνομοσπονδίας διὰ (3) μὲν ἀντιπροσώπων ἑκάστη Ὁμοσπονδία καὶ Παμπροσφυγική, δι' ἑνὸς (1) δὲ ἑκάστη τῶν λοιπῶν.
6) Παρακαλοῦνται ἐπίσης νὰ συμμετάσχωσι:
Ι) Οἱ ἀναγνωρισμένοι τοπικοὶ Σύλλογοι Θεσ/νίκης οἱ μὴ ὑπαγόμενοι εἰς τὴν δύναμιν τῆς Συνομοσπονδίας, δικαιοῦνται ὅμως εἰς ἀντιπροσώπευσιν μὲ αὐτῆς δι' ἑνὸς (1) ἀντιπροσώπου ἕκαστος.
2) Αἱ καθ' ἅπασαν τὴν λοιπὴν Ἑλλάδα ὀργανώσεις καὶ αἱ ὑπαγόμεναι εἰς τὴν Ὀργάνωσιν τῆς Συνομοσπονδίας ἐσχάτως αὐτῶν ὡς ἀρμόδιοι ἀντιπρόσωποι τῶν ὀργανώσεών των διὰ τριῶν (3) ἀντιπροσώπων αἱ Ὁμοσπονδίαι καὶ παμπροσφυγικαί, δι' ἑνὸς (1) δὲ αἱ λοιπαί.
3) Οἱ ἀντιπρόσωποι τοῦ τύπου.
Γ. ΗΜΕΡΗΣΙΑ ΔΙΑΤΑΞΙΣ
1) Ζήτημα ἀστικῆς ἀποκαταστάσεως.
2) Ζήτημα ἀγροτικοῦ ἐποικισμοῦ.
3) Ζήτημα παρακαταθηκῶν καὶ ἀποζημιώσεων.
Δ΄. ΓΕΝΙΚΑΙ ΔΙΑΤΑΞΕΙΣ
1ον) Οἱ κ. κ. ἀντιπρόσωποι τῶν ὀργανώσεων διὰ νὰ ἔχουν δικαίωμα νὰ συμμετέχουν τοῦ Συνεδρίου ὀφείλουν νὰ προσέλθουν ἐφωδιασμένοι διὰ πληρεξουσίου ἐγγράφου δεόντως ὑπογεγραμμένου καὶ πιστοποιοῦντος ὑπὸ τοῦ Προέδρου τῆς ὀργανώσεως, ἣν ἀντιπροσωπεύουν.
2ον) Οἱ κ. κ. ἀντιπρόσωποι διὰ νὰ εὐκολύνουσι τὴν συγκρότησιν τοῦ συνεδρίου παρακαλοῦνται, ὅπως διέλθωσιν ἀπὸ τῆς παραμονῆς μέχρι τῆς 10ης π. μ. τῆς ἡμέρας τῆς συγκλήσεως τοῦ συνεδρίου, διὰ τῶν γραφείων τῆς Συνομοσπονδίας (Ἐγνατίας 244) ἵνα παραδώσωσι τὰ πληρεξούσια αὐτῶν ἔγγραφα ἐφοδιασθῶσι δὲ δι' εἰσιτηρίων.
3ον) Ὅσοι ἐπιθυμοῦν νὰ παρακολουθήσουν ὡς ἀκροαταὶ τὸ συνέδριον παρακαλοῦνται ὅπως διερχόμενοι διὰ τῶν γραφείων τῶν οἰκείων ὀργανώσεων μέχρις τῆς ἑσπέρας τοῦ Σαββάτου (11 Ἀπριλίου ἐ. ἔ.) ἐφοδιασθῶσι δι' εἰδικῶν εἰσιτηρίων ἀκροατοῦ.
Ε΄. ΣΥΣΤΑΣΙΣ
Συνιστᾶται εἰς τὰς Ὀργανώσεις τοῦ ἐσωτερικοῦ Μακεδονίας καὶ Θράκης νὰ ὑποδείξωσι τοὺς ἀντιπροσώπους αὐτῶν ἐκ τῶν μέρους των καὶ μόνον ἐν ἐσχάτῃ ἀνάγκῃ νὰ ὑποδείξωσι τοιούτους ἐκ Θεσσαλονίκης.
(Ἐκτὸς Γραφείου τῆς Προσφ. Συνομοσπονδίας Μ.Θ.)
Ἡ Διοργανωτικὴ Ἐπιτροπὴ τοῦ Παμπροσφυγικοῦ Συνεδρίου: Κ. ΜΗΤΚΑΚΟΣ, Κ. ΜΟΥΖΕΝΙΔΗΣ, Κ. ΓΙΑΒΑΣΟΓΛΟΥ
ΜΕΓΑΛΗ ΚΛΙΝΙΚΗ ΘΕΣΣΝΙΚΗΣ
ΤΩΝ ΙΑΤΡΩΝ
Β. ΝΟΜΙΚΟΥ
Χειρουργοῦ	& ΚΑΡ. ΑΛΕΞΑΝΔΡΙΔΗ
Παθολόγου
ΠΑΘΟΛΟΓΙΚΗ-ΧΕΙΡΟΥΡΓΙΚΗ-ΓΥΝΑΙΚΟΛΟΓΙΚΗ-ΜΑΙΕΥΤΙΚΗ-ΟΡΘΟΠΕΔΙΚΗ
Ὑπὸ τὴν διεύθυνσιν τῆς Μις Ε. ΣΟΙΛ καὶ τῆς Δος Μ. ΔΕΚΑΣΤΑ (Τῶν Νοσοκομείων Λονδίνου καὶ Βοστώνης). Ἀτομικὸς Βασιλέως Γεωργίου 74 πρώην (Ὀρθία Θέα). Κλίναι Α΄ Β΄ καὶ Γ΄ Θέσεως — Δωμάτια πολυτελείας — Ἐργαστήριον διὰ μικροβιολογικὰς ἐξετάσεις — Τέλειον χειρουργεῖον — Πλήρης ἐγκατάστασις τῶν ἀκτίνων Ρέντγκεν — Ἠλεκτρολογικὸν ἐργαστήριον — Ἠλεκτροθεραπεία — Ἐιδικοὶ ἰατροὶ ὅλων τῶν κλάδων.
ΑΣΦΑΛΕΙΑΙ ΧΑΛΑΖΗΣ

Εὐχαρίστως δηλοῦμεν εἰς τοὺς ἐνδιαφερομένους κυρίους ὅτι τὴν ἐξασφάλισιν τῶν καπνῶν ὧν ἀναλάβομεν καὶ ἐφέτος διὰ τὴν ἀσφάλισιν τῶν καπνῶν κατὰ τῶν κινδύνων τῆς χαλάζης. Ὑπὸ τὸ ἤπιον ἐκατομμύριον δραχμῶν ἐπληρώσαμεν καὶ κατὰ τὸ παρελθὸν ἔτος διὰ ζημίας ἐκ χαλάζης εἰς τοὺς καπνοπαραγωγοὺς Μακεδονίας, Θράκης καὶ λοιπῆς Ἑλλάδος, ἀποκαταστήσαντες δὲ τελείως τὰς γενομένας ζημίας. Ἡ Γενικὴ Ἀντιπροσωπεία διὰ τὴν Ἑλλάδα τῆς «Ἀγγλικῆς Ἀσφαλιστικῆς Ἑταιρίας» Η. ΚΟΝΣΟΛΙΔΕΝΤΕΔ Σταδίου 47, καὶ Γεωργίου Σταύρου 2 ΑΘΗΝΑΙ.

STUDEBAKER
ΓΕΝΙΚΟΝ ΠΡΑΚΤΟΡΕΙΟΝ
ΑΣΣΑΕΛ ΤΑΞΕΙΔΗ ΣΑ
ΟΔΟΣ ΤΣΙΜΙΣΚΗ
Ἡ «Ἔξοδος τῶν ῥοδίων» τοῦ κατεστημένου
ΤΣΟΥΧΛΟΥ
τῶν Ἀθηνῶν ἤρχισεν ἀπὸ τῆς 9ης τρέχοντος ἐν τῷ Ξενοδοχείῳ «Τουρίστ» 1ον πάτωμα ἀπὸ 9—12 3—8.30 καθ' ἑκάστην.
